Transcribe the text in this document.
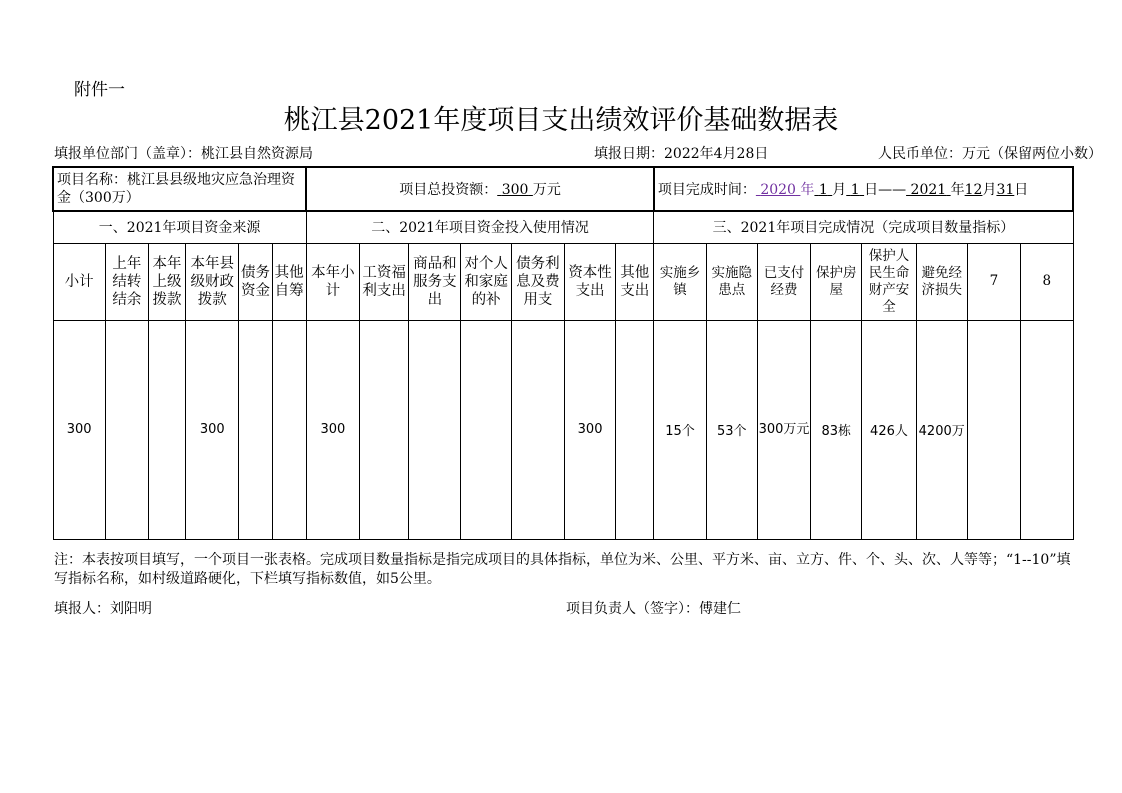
附件一
桃江县2021年度项目支出绩效评价基础数据表
填报单位部门（盖章）：桃江县自然资源局	填报日期：2022年4月28日	人民币单位：万元（保留两位小数）
项目名称：桃江县县级地灾应急治理资金（300万）						项目总投资额： 300 万元							项目完成时间： 2020 年 1 月 1 日—— 2021 年12月31日							
一、2021年项目资金来源						二、2021年项目资金投入使用情况							三、2021年项目完成情况（完成项目数量指标）							
小计	上年结转结余	本年上级拨款	本年县级财政拨款	债务资金	其他自筹	本年小计	工资福利支出	商品和服务支出	对个人和家庭的补	债务利息及费用支	资本性支出	其他支出	实施乡镇	实施隐患点	已支付经费	保护房屋	保护人民生命财产安全	避免经济损失	7	8
300			300			300					300		15个	53个	300万元	83栋	426人	4200万		
注：本表按项目填写，一个项目一张表格。完成项目数量指标是指完成项目的具体指标，单位为米、公里、平方米、亩、立方、件、个、头、次、人等等；“1--10”填写指标名称，如村级道路硬化，下栏填写指标数值，如5公里。
填报人：刘阳明	项目负责人（签字）：傅建仁
